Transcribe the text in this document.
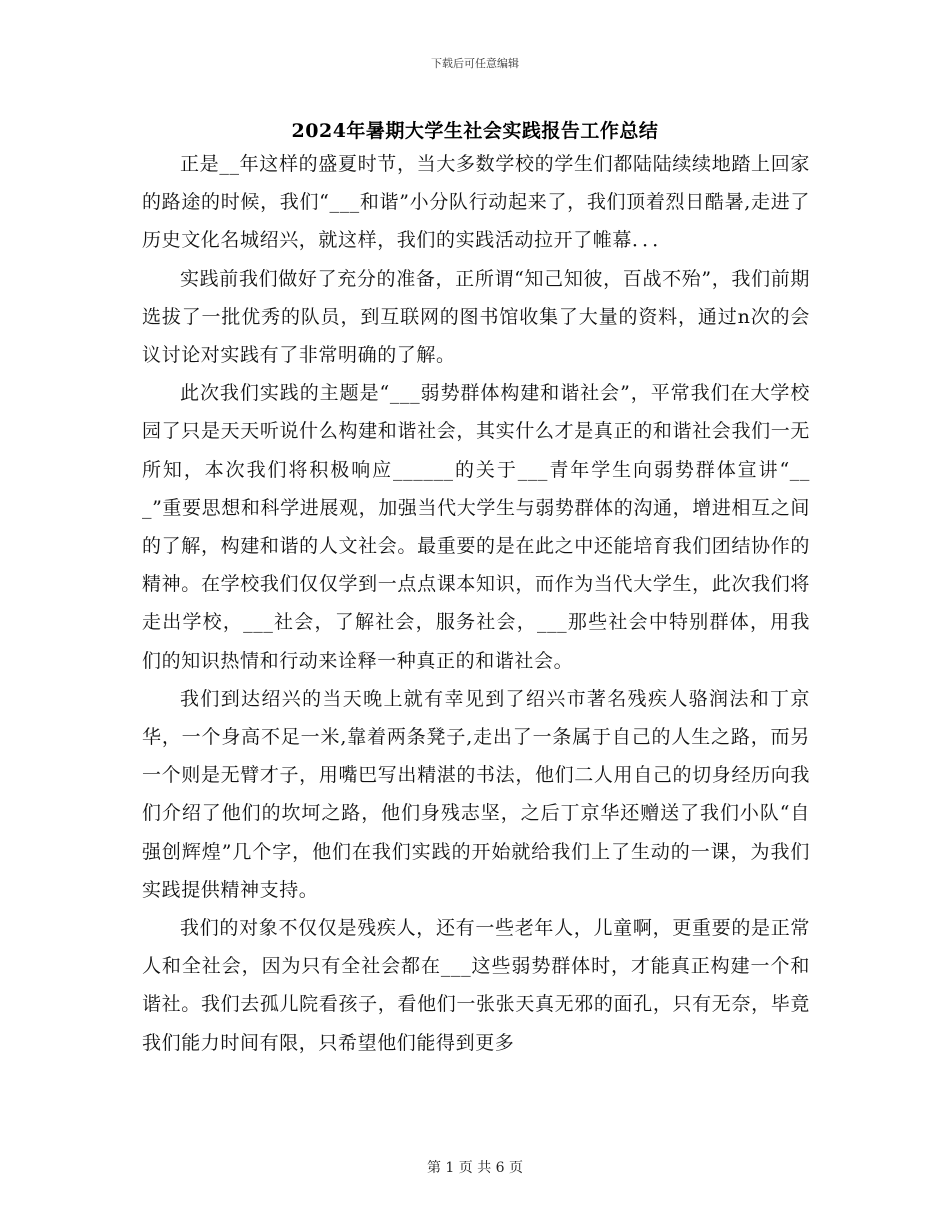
下载后可任意编辑
2024年暑期大学生社会实践报告工作总结

正是__年这样的盛夏时节，当大多数学校的学生们都陆陆续续地踏上回家的路途的时候，我们“___和谐”小分队行动起来了，我们顶着烈日酷暑,走进了历史文化名城绍兴，就这样，我们的实践活动拉开了帷幕．．．

实践前我们做好了充分的准备，正所谓“知己知彼，百战不殆”，我们前期选拔了一批优秀的队员，到互联网的图书馆收集了大量的资料，通过n次的会议讨论对实践有了非常明确的了解。

此次我们实践的主题是“___弱势群体构建和谐社会”，平常我们在大学校园了只是天天听说什么构建和谐社会，其实什么才是真正的和谐社会我们一无所知，本次我们将积极响应______的关于___青年学生向弱势群体宣讲“___”重要思想和科学进展观，加强当代大学生与弱势群体的沟通，增进相互之间的了解，构建和谐的人文社会。最重要的是在此之中还能培育我们团结协作的精神。在学校我们仅仅学到一点点课本知识，而作为当代大学生，此次我们将走出学校，___社会，了解社会，服务社会，___那些社会中特别群体，用我们的知识热情和行动来诠释一种真正的和谐社会。

我们到达绍兴的当天晚上就有幸见到了绍兴市著名残疾人骆润法和丁京华，一个身高不足一米,靠着两条凳子,走出了一条属于自己的人生之路，而另一个则是无臂才子，用嘴巴写出精湛的书法，他们二人用自己的切身经历向我们介绍了他们的坎坷之路，他们身残志坚，之后丁京华还赠送了我们小队“自强创辉煌”几个字，他们在我们实践的开始就给我们上了生动的一课，为我们实践提供精神支持。

我们的对象不仅仅是残疾人，还有一些老年人，儿童啊，更重要的是正常人和全社会，因为只有全社会都在___这些弱势群体时，才能真正构建一个和谐社。我们去孤儿院看孩子，看他们一张张天真无邪的面孔，只有无奈，毕竟我们能力时间有限，只希望他们能得到更多

第 1 页 共 6 页
